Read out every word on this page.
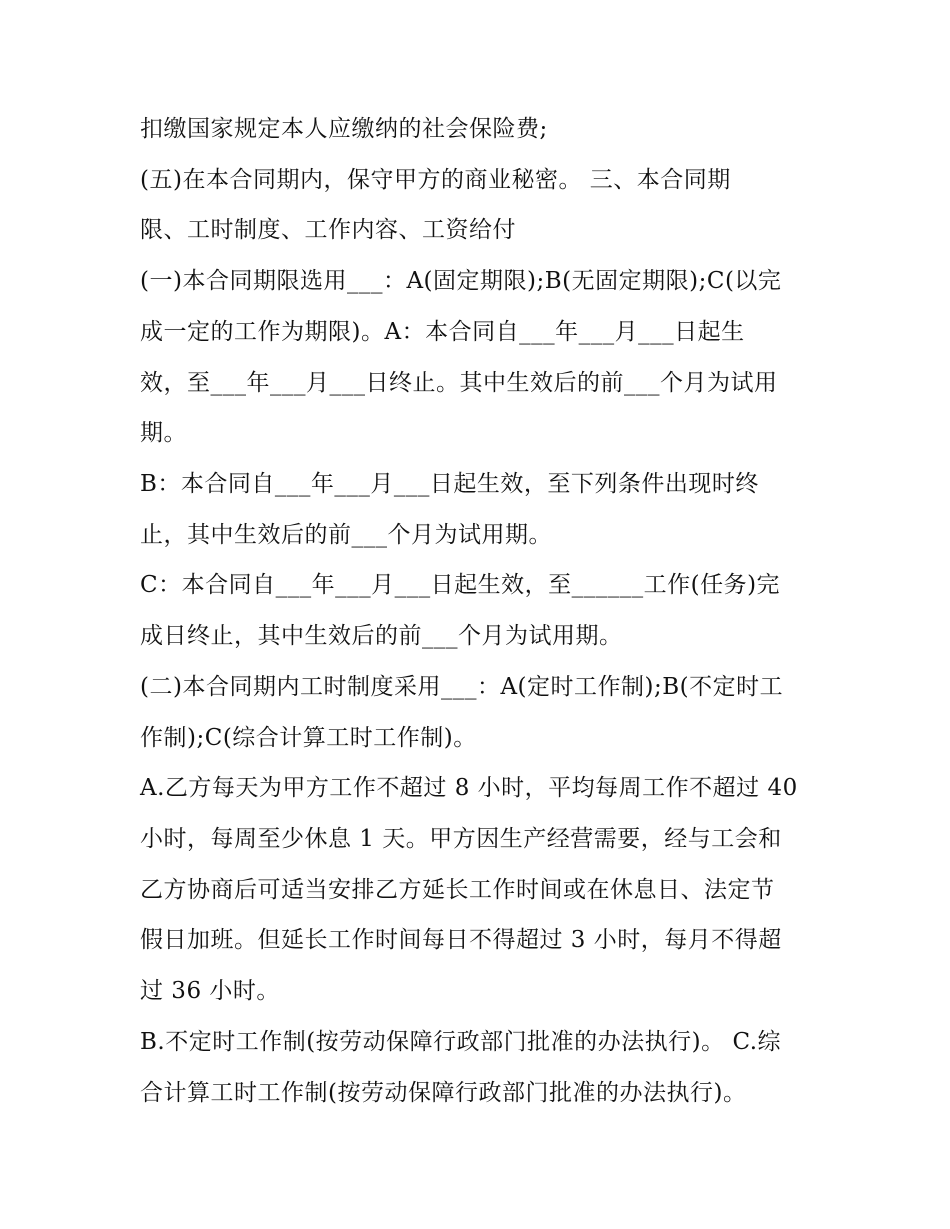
扣缴国家规定本人应缴纳的社会保险费;
(五)在本合同期内，保守甲方的商业秘密。 三、本合同期
限、工时制度、工作内容、工资给付
(一)本合同期限选用___：A(固定期限);B(无固定期限);C(以完
成一定的工作为期限)。A：本合同自___年___月___日起生
效，至___年___月___日终止。其中生效后的前___个月为试用
期。
B：本合同自___年___月___日起生效，至下列条件出现时终
止，其中生效后的前___个月为试用期。
C：本合同自___年___月___日起生效，至______工作(任务)完
成日终止，其中生效后的前___个月为试用期。
(二)本合同期内工时制度采用___：A(定时工作制);B(不定时工
作制);C(综合计算工时工作制)。
A.乙方每天为甲方工作不超过 8 小时，平均每周工作不超过 40
小时，每周至少休息 1 天。甲方因生产经营需要，经与工会和
乙方协商后可适当安排乙方延长工作时间或在休息日、法定节
假日加班。但延长工作时间每日不得超过 3 小时，每月不得超
过 36 小时。
B.不定时工作制(按劳动保障行政部门批准的办法执行)。 C.综
合计算工时工作制(按劳动保障行政部门批准的办法执行)。
